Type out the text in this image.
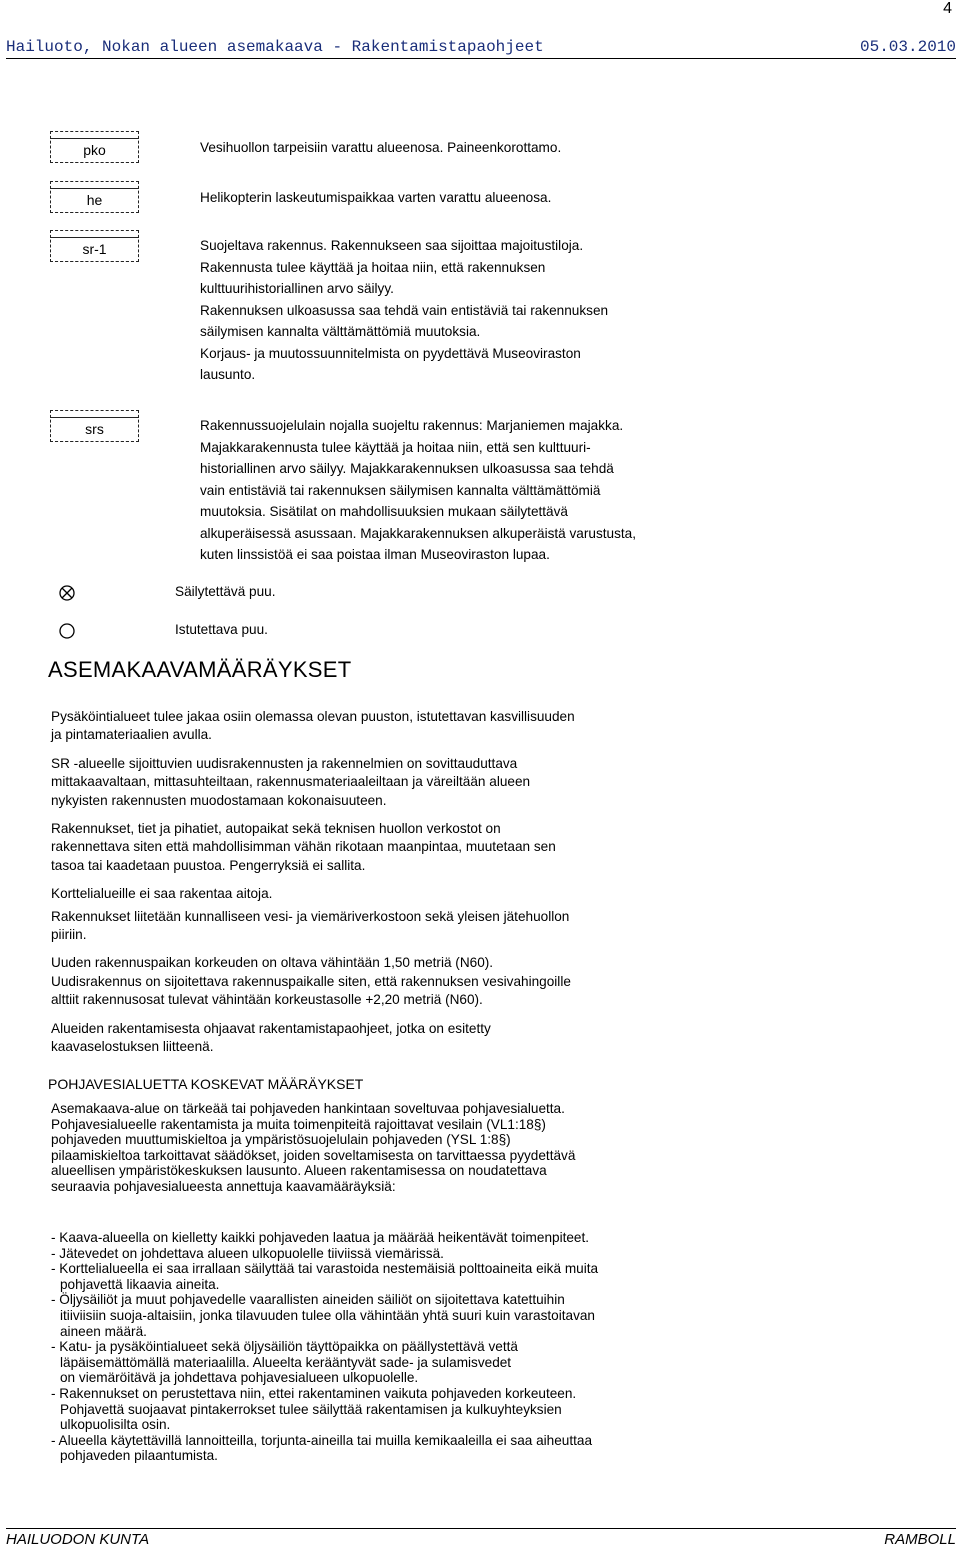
4
Hailuoto, Nokan alueen asemakaava - Rakentamistapaohjeet	05.03.2010
pko	Vesihuollon tarpeisiin varattu alueenosa. Paineenkorottamo.

he	Helikopterin laskeutumispaikkaa varten varattu alueenosa.

sr-1	Suojeltava rakennus. Rakennukseen saa sijoittaa majoitustiloja.

Rakennusta tulee käyttää ja hoitaa niin, että rakennuksen

kulttuurihistoriallinen arvo säilyy.

Rakennuksen ulkoasussa saa tehdä vain entistäviä tai rakennuksen

säilymisen kannalta välttämättömiä muutoksia.

Korjaus- ja muutossuunnitelmista on pyydettävä Museoviraston

lausunto.

srs	Rakennussuojelulain nojalla suojeltu rakennus: Marjaniemen majakka.

Majakkarakennusta tulee käyttää ja hoitaa niin, että sen kulttuuri-

historiallinen arvo säilyy. Majakkarakennuksen ulkoasussa saa tehdä

vain entistäviä tai rakennuksen säilymisen kannalta välttämättömiä

muutoksia. Sisätilat on mahdollisuuksien mukaan säilytettävä

alkuperäisessä asussaan. Majakkarakennuksen alkuperäistä varustusta,

kuten linssistöä ei saa poistaa ilman Museoviraston lupaa.

Säilytettävä puu.
Istutettava puu.
ASEMAKAAVAMÄÄRÄYKSET

Pysäköintialueet tulee jakaa osiin olemassa olevan puuston, istutettavan kasvillisuuden
ja pintamateriaalien avulla.

SR -alueelle sijoittuvien uudisrakennusten ja rakennelmien on sovittauduttava
mittakaavaltaan, mittasuhteiltaan, rakennusmateriaaleiltaan ja väreiltään alueen
nykyisten rakennusten muodostamaan kokonaisuuteen.

Rakennukset, tiet ja pihatiet, autopaikat sekä teknisen huollon verkostot on
rakennettava siten että mahdollisimman vähän rikotaan maanpintaa, muutetaan sen
tasoa tai kaadetaan puustoa. Pengerryksiä ei sallita.

Korttelialueille ei saa rakentaa aitoja.

Rakennukset liitetään kunnalliseen vesi- ja viemäriverkostoon sekä yleisen jätehuollon
piiriin.

Uuden rakennuspaikan korkeuden on oltava vähintään 1,50 metriä (N60).
Uudisrakennus on sijoitettava rakennuspaikalle siten, että rakennuksen vesivahingoille
alttiit rakennusosat tulevat vähintään korkeustasolle +2,20 metriä (N60).

Alueiden rakentamisesta ohjaavat rakentamistapaohjeet, jotka on esitetty
kaavaselostuksen liitteenä.

POHJAVESIALUETTA KOSKEVAT MÄÄRÄYKSET
Asemakaava-alue on tärkeää tai pohjaveden hankintaan soveltuvaa pohjavesialuetta.
Pohjavesialueelle rakentamista ja muita toimenpiteitä rajoittavat vesilain (VL1:18§)
pohjaveden muuttumiskieltoa ja ympäristösuojelulain pohjaveden (YSL 1:8§)
pilaamiskieltoa tarkoittavat säädökset, joiden soveltamisesta on tarvittaessa pyydettävä
alueellisen ympäristökeskuksen lausunto. Alueen rakentamisessa on noudatettava
seuraavia pohjavesialueesta annettuja kaavamääräyksiä:
- Kaava-alueella on kielletty kaikki pohjaveden laatua ja määrää heikentävät toimenpiteet.
- Jätevedet on johdettava alueen ulkopuolelle tiiviissä viemärissä.
- Korttelialueella ei saa irrallaan säilyttää tai varastoida nestemäisiä polttoaineita eikä muita
pohjavettä likaavia aineita.
- Öljysäiliöt ja muut pohjavedelle vaarallisten aineiden säiliöt on sijoitettava katettuihin
itiiviisiin suoja-altaisiin, jonka tilavuuden tulee olla vähintään yhtä suuri kuin varastoitavan
aineen määrä.
- Katu- ja pysäköintialueet sekä öljysäiliön täyttöpaikka on päällystettävä vettä
läpäisemättömällä materiaalilla. Alueelta kerääntyvät sade- ja sulamisvedet
on viemäröitävä ja johdettava pohjavesialueen ulkopuolelle.
- Rakennukset on perustettava niin, ettei rakentaminen vaikuta pohjaveden korkeuteen.
Pohjavettä suojaavat pintakerrokset tulee säilyttää rakentamisen ja kulkuyhteyksien
ulkopuolisilta osin.
- Alueella käytettävillä lannoitteilla, torjunta-aineilla tai muilla kemikaaleilla ei saa aiheuttaa
pohjaveden pilaantumista.
HAILUODON KUNTA	RAMBOLL
